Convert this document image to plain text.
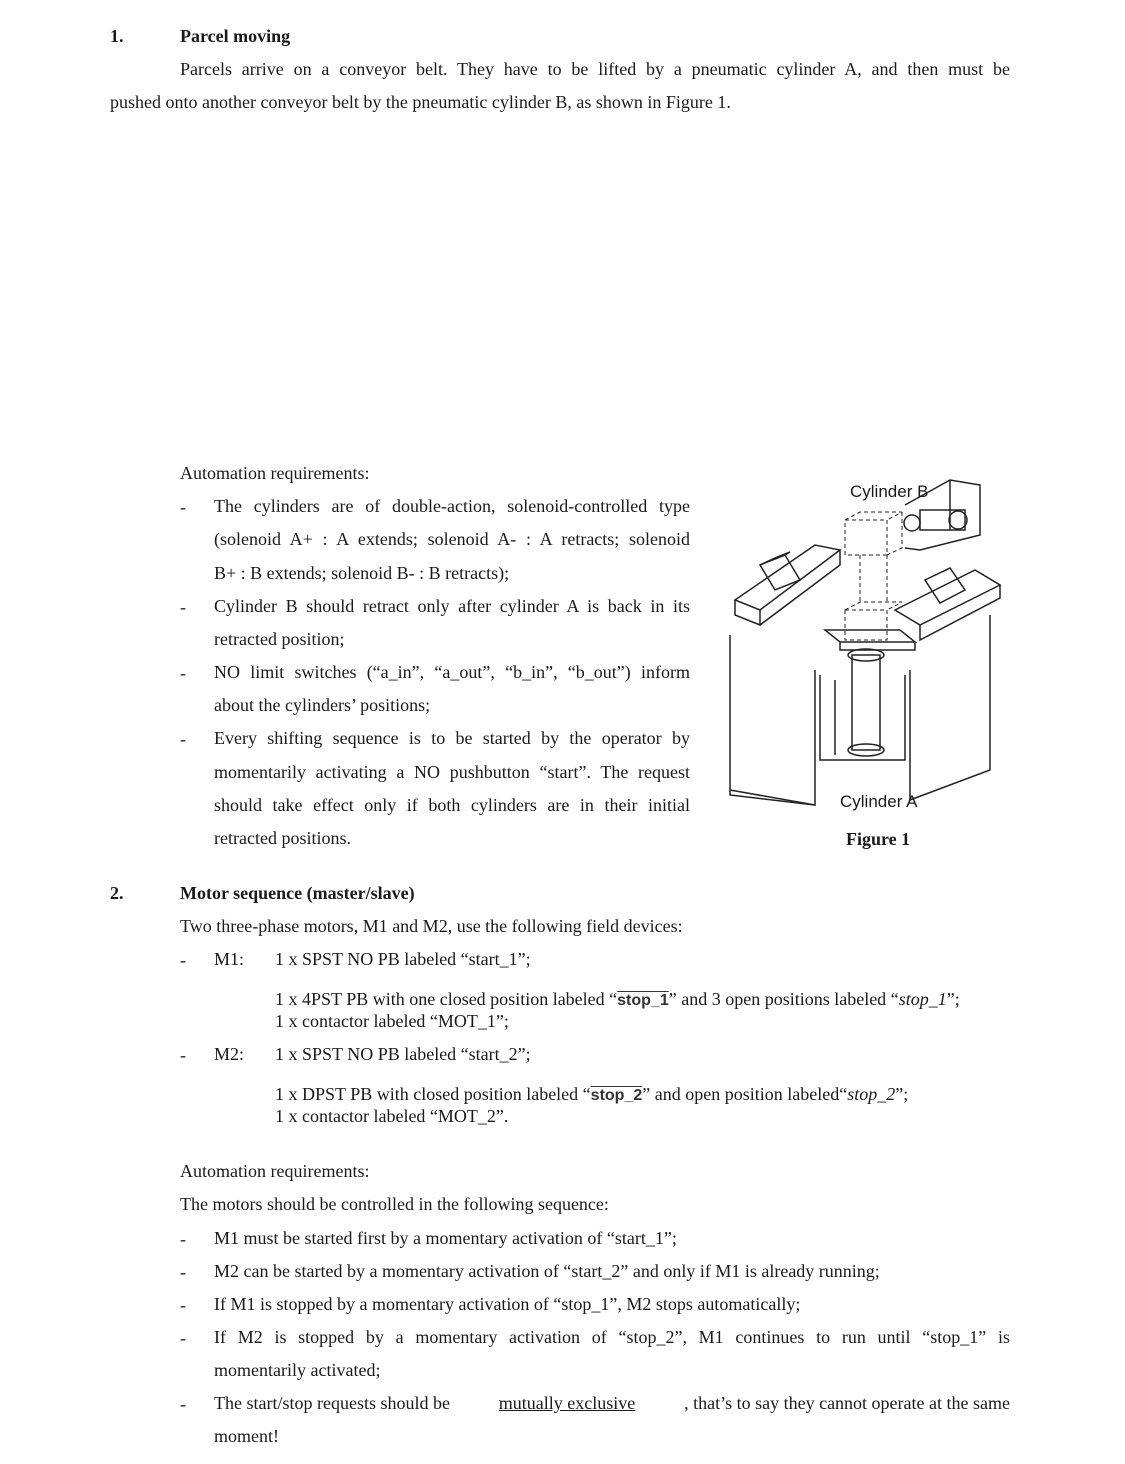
1.	Parcel moving
Parcels arrive on a conveyor belt. They have to be lifted by a pneumatic cylinder A, and then must be
pushed onto another conveyor belt by the pneumatic cylinder B, as shown in Figure 1.
Automation requirements:
- The cylinders are of double-action, solenoid-controlled type
(solenoid A+ : A extends; solenoid A- : A retracts; solenoid
B+ : B extends; solenoid B- : B retracts);
- Cylinder B should retract only after cylinder A is back in its
retracted position;
- NO limit switches (“a_in”, “a_out”, “b_in”, “b_out”) inform
about the cylinders’ positions;
- Every shifting sequence is to be started by the operator by
momentarily activating a NO pushbutton “start”. The request
should take effect only if both cylinders are in their initial
retracted positions.
Cylinder B
Cylinder A
Figure 1
2.	Motor sequence (master/slave)
Two three-phase motors, M1 and M2, use the following field devices:
- M1: 1 x SPST NO PB labeled “start_1”;
1 x 4PST PB with one closed position labeled “stop_1” and 3 open positions labeled “stop_1”;
1 x contactor labeled “MOT_1”;
- M2: 1 x SPST NO PB labeled “start_2”;
1 x DPST PB with closed position labeled “stop_2” and open position labeled“stop_2”;
1 x contactor labeled “MOT_2”.
Automation requirements:
The motors should be controlled in the following sequence:
- M1 must be started first by a momentary activation of “start_1”;
- M2 can be started by a momentary activation of “start_2” and only if M1 is already running;
- If M1 is stopped by a momentary activation of “stop_1”, M2 stops automatically;
- If M2 is stopped by a momentary activation of “stop_2”, M1 continues to run until “stop_1” is
momentarily activated;
- The start/stop requests should be	mutually exclusive	, that’s to say they cannot operate at the same
moment!
